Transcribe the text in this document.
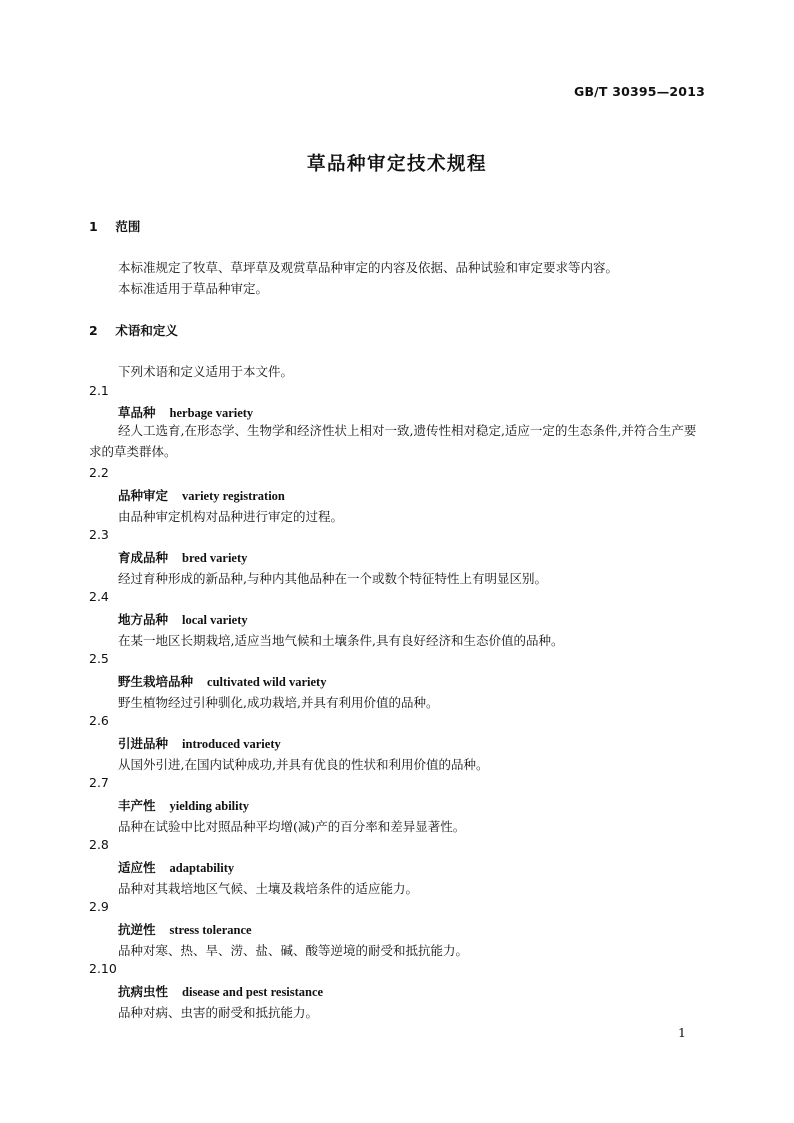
GB/T 30395—2013
草品种审定技术规程
1 范围
本标准规定了牧草、草坪草及观赏草品种审定的内容及依据、品种试验和审定要求等内容。
本标准适用于草品种审定。
2 术语和定义
下列术语和定义适用于本文件。
2.1
草品种 herbage variety
经人工选育,在形态学、生物学和经济性状上相对一致,遗传性相对稳定,适应一定的生态条件,并符合生产要求的草类群体。
2.2
品种审定 variety registration
由品种审定机构对品种进行审定的过程。
2.3
育成品种 bred variety
经过育种形成的新品种,与种内其他品种在一个或数个特征特性上有明显区别。
2.4
地方品种 local variety
在某一地区长期栽培,适应当地气候和土壤条件,具有良好经济和生态价值的品种。
2.5
野生栽培品种 cultivated wild variety
野生植物经过引种驯化,成功栽培,并具有利用价值的品种。
2.6
引进品种 introduced variety
从国外引进,在国内试种成功,并具有优良的性状和利用价值的品种。
2.7
丰产性 yielding ability
品种在试验中比对照品种平均增(减)产的百分率和差异显著性。
2.8
适应性 adaptability
品种对其栽培地区气候、土壤及栽培条件的适应能力。
2.9
抗逆性 stress tolerance
品种对寒、热、旱、涝、盐、碱、酸等逆境的耐受和抵抗能力。
2.10
抗病虫性 disease and pest resistance
品种对病、虫害的耐受和抵抗能力。
1
